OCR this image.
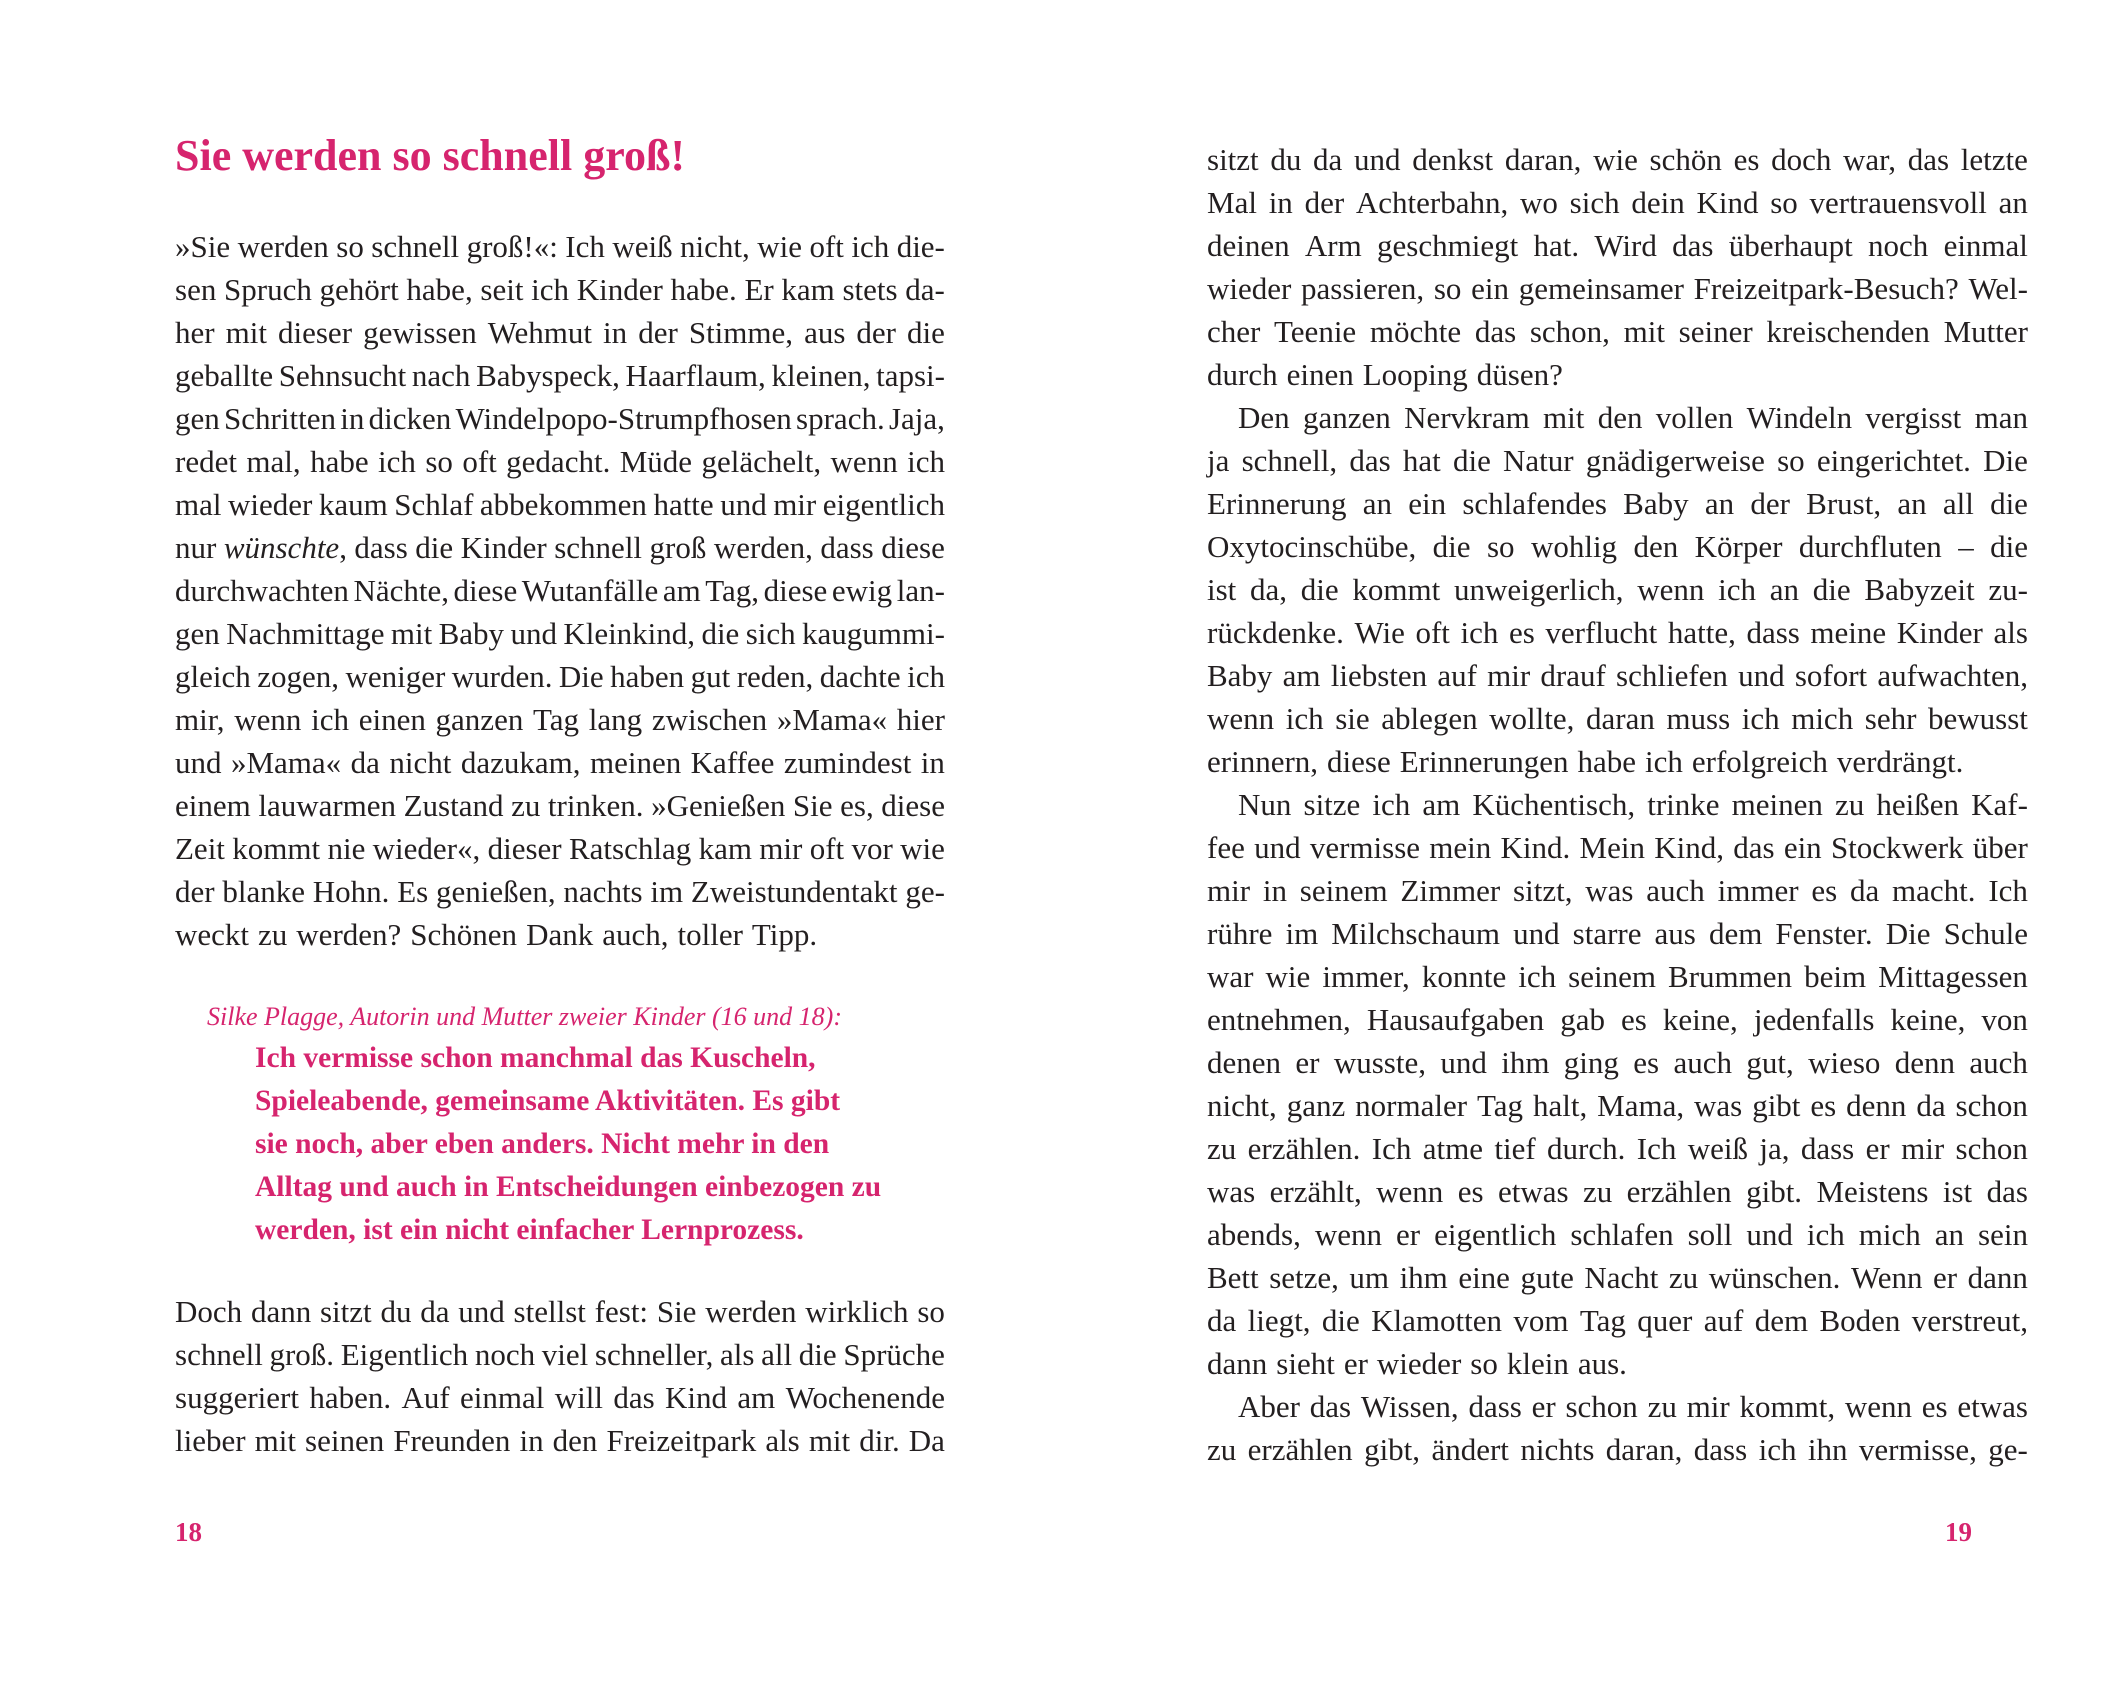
Sie werden so schnell groß!
»Sie werden so schnell groß!«: Ich weiß nicht, wie oft ich die-
sen Spruch gehört habe, seit ich Kinder habe. Er kam stets da-
her mit dieser gewissen Wehmut in der Stimme, aus der die
geballte Sehnsucht nach Babyspeck, Haarflaum, kleinen, tapsi-
gen Schritten in dicken Windelpopo-Strumpfhosen sprach. Jaja,
redet mal, habe ich so oft gedacht. Müde gelächelt, wenn ich
mal wieder kaum Schlaf abbekommen hatte und mir eigentlich
nur wünschte, dass die Kinder schnell groß werden, dass diese
durchwachten Nächte, diese Wutanfälle am Tag, diese ewig lan-
gen Nachmittage mit Baby und Kleinkind, die sich kaugummi-
gleich zogen, weniger wurden. Die haben gut reden, dachte ich
mir, wenn ich einen ganzen Tag lang zwischen »Mama« hier
und »Mama« da nicht dazukam, meinen Kaffee zumindest in
einem lauwarmen Zustand zu trinken. »Genießen Sie es, diese
Zeit kommt nie wieder«, dieser Ratschlag kam mir oft vor wie
der blanke Hohn. Es genießen, nachts im Zweistundentakt ge-
weckt zu werden? Schönen Dank auch, toller Tipp.
Silke Plagge, Autorin und Mutter zweier Kinder (16 und 18):
Ich vermisse schon manchmal das Kuscheln,
Spieleabende, gemeinsame Aktivitäten. Es gibt
sie noch, aber eben anders. Nicht mehr in den
Alltag und auch in Entscheidungen einbezogen zu
werden, ist ein nicht einfacher Lernprozess.
Doch dann sitzt du da und stellst fest: Sie werden wirklich so
schnell groß. Eigentlich noch viel schneller, als all die Sprüche
suggeriert haben. Auf einmal will das Kind am Wochenende
lieber mit seinen Freunden in den Freizeitpark als mit dir. Da
18
sitzt du da und denkst daran, wie schön es doch war, das letzte
Mal in der Achterbahn, wo sich dein Kind so vertrauensvoll an
deinen Arm geschmiegt hat. Wird das überhaupt noch einmal
wieder passieren, so ein gemeinsamer Freizeitpark-Besuch? Wel-
cher Teenie möchte das schon, mit seiner kreischenden Mutter
durch einen Looping düsen?
Den ganzen Nervkram mit den vollen Windeln vergisst man
ja schnell, das hat die Natur gnädigerweise so eingerichtet. Die
Erinnerung an ein schlafendes Baby an der Brust, an all die
Oxytocinschübe, die so wohlig den Körper durchfluten – die
ist da, die kommt unweigerlich, wenn ich an die Babyzeit zu-
rückdenke. Wie oft ich es verflucht hatte, dass meine Kinder als
Baby am liebsten auf mir drauf schliefen und sofort aufwachten,
wenn ich sie ablegen wollte, daran muss ich mich sehr bewusst
erinnern, diese Erinnerungen habe ich erfolgreich verdrängt.
Nun sitze ich am Küchentisch, trinke meinen zu heißen Kaf-
fee und vermisse mein Kind. Mein Kind, das ein Stockwerk über
mir in seinem Zimmer sitzt, was auch immer es da macht. Ich
rühre im Milchschaum und starre aus dem Fenster. Die Schule
war wie immer, konnte ich seinem Brummen beim Mittagessen
entnehmen, Hausaufgaben gab es keine, jedenfalls keine, von
denen er wusste, und ihm ging es auch gut, wieso denn auch
nicht, ganz normaler Tag halt, Mama, was gibt es denn da schon
zu erzählen. Ich atme tief durch. Ich weiß ja, dass er mir schon
was erzählt, wenn es etwas zu erzählen gibt. Meistens ist das
abends, wenn er eigentlich schlafen soll und ich mich an sein
Bett setze, um ihm eine gute Nacht zu wünschen. Wenn er dann
da liegt, die Klamotten vom Tag quer auf dem Boden verstreut,
dann sieht er wieder so klein aus.
Aber das Wissen, dass er schon zu mir kommt, wenn es etwas
zu erzählen gibt, ändert nichts daran, dass ich ihn vermisse, ge-
19
